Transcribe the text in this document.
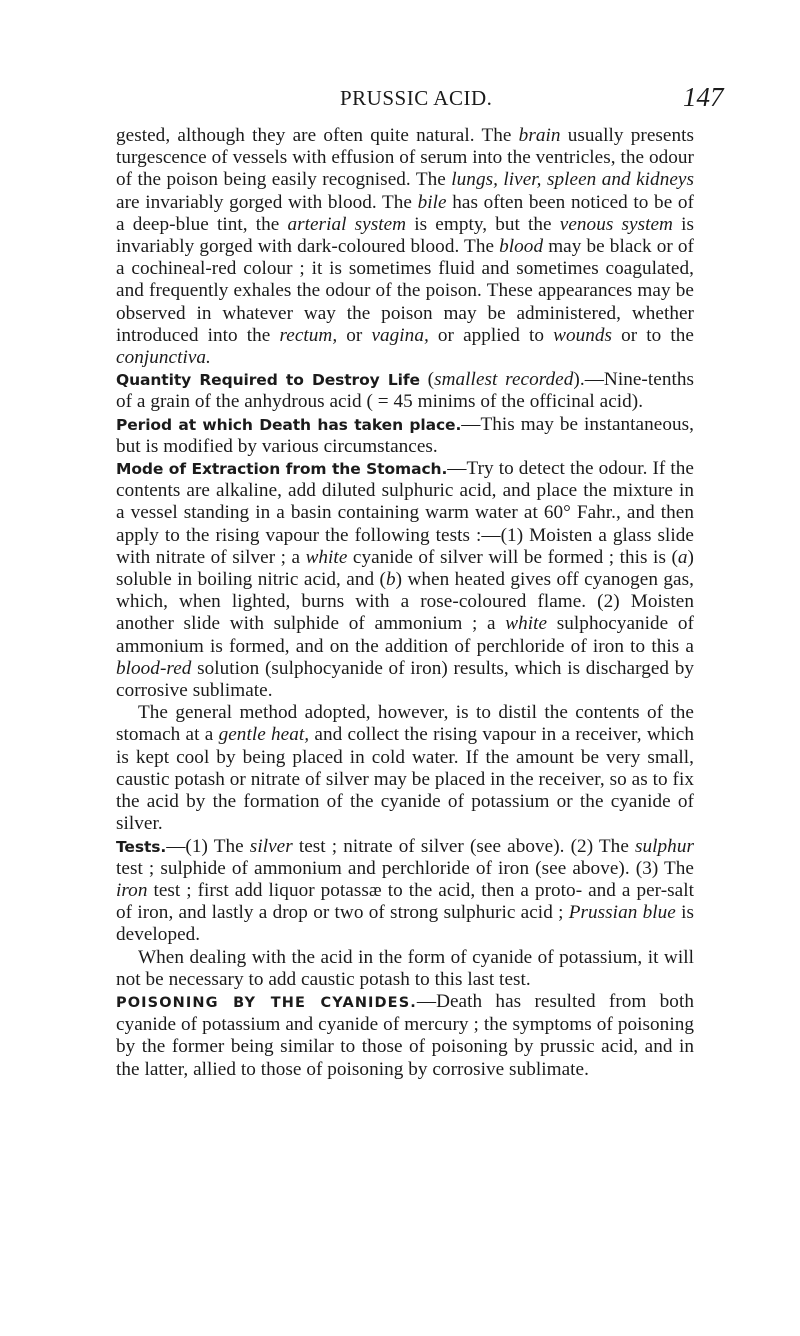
PRUSSIC ACID.	147

gested, although they are often quite natural. The brain usually presents turgescence of vessels with effusion of serum into the ventricles, the odour of the poison being easily recognised. The lungs, liver, spleen and kidneys are invariably gorged with blood. The bile has often been noticed to be of a deep-blue tint, the arterial system is empty, but the venous system is invariably gorged with dark-coloured blood. The blood may be black or of a cochineal-red colour ; it is sometimes fluid and sometimes coagulated, and frequently exhales the odour of the poison. These appearances may be observed in whatever way the poison may be administered, whether introduced into the rectum, or vagina, or applied to wounds or to the conjunctiva.

Quantity Required to Destroy Life (smallest recorded).—Nine-tenths of a grain of the anhydrous acid ( = 45 minims of the officinal acid).

Period at which Death has taken place.—This may be instantaneous, but is modified by various circumstances.

Mode of Extraction from the Stomach.—Try to detect the odour. If the contents are alkaline, add diluted sulphuric acid, and place the mixture in a vessel standing in a basin containing warm water at 60° Fahr., and then apply to the rising vapour the following tests :—(1) Moisten a glass slide with nitrate of silver ; a white cyanide of silver will be formed ; this is (a) soluble in boiling nitric acid, and (b) when heated gives off cyanogen gas, which, when lighted, burns with a rose-coloured flame. (2) Moisten another slide with sulphide of ammonium ; a white sulphocyanide of ammonium is formed, and on the addition of perchloride of iron to this a blood-red solution (sulphocyanide of iron) results, which is discharged by corrosive sublimate.

The general method adopted, however, is to distil the contents of the stomach at a gentle heat, and collect the rising vapour in a receiver, which is kept cool by being placed in cold water. If the amount be very small, caustic potash or nitrate of silver may be placed in the receiver, so as to fix the acid by the formation of the cyanide of potassium or the cyanide of silver.

Tests.—(1) The silver test ; nitrate of silver (see above). (2) The sulphur test ; sulphide of ammonium and perchloride of iron (see above). (3) The iron test ; first add liquor potassæ to the acid, then a proto- and a per-salt of iron, and lastly a drop or two of strong sulphuric acid ; Prussian blue is developed.

When dealing with the acid in the form of cyanide of potassium, it will not be necessary to add caustic potash to this last test.

POISONING BY THE CYANIDES.—Death has resulted from both cyanide of potassium and cyanide of mercury ; the symptoms of poisoning by the former being similar to those of poisoning by prussic acid, and in the latter, allied to those of poisoning by corrosive sublimate.
